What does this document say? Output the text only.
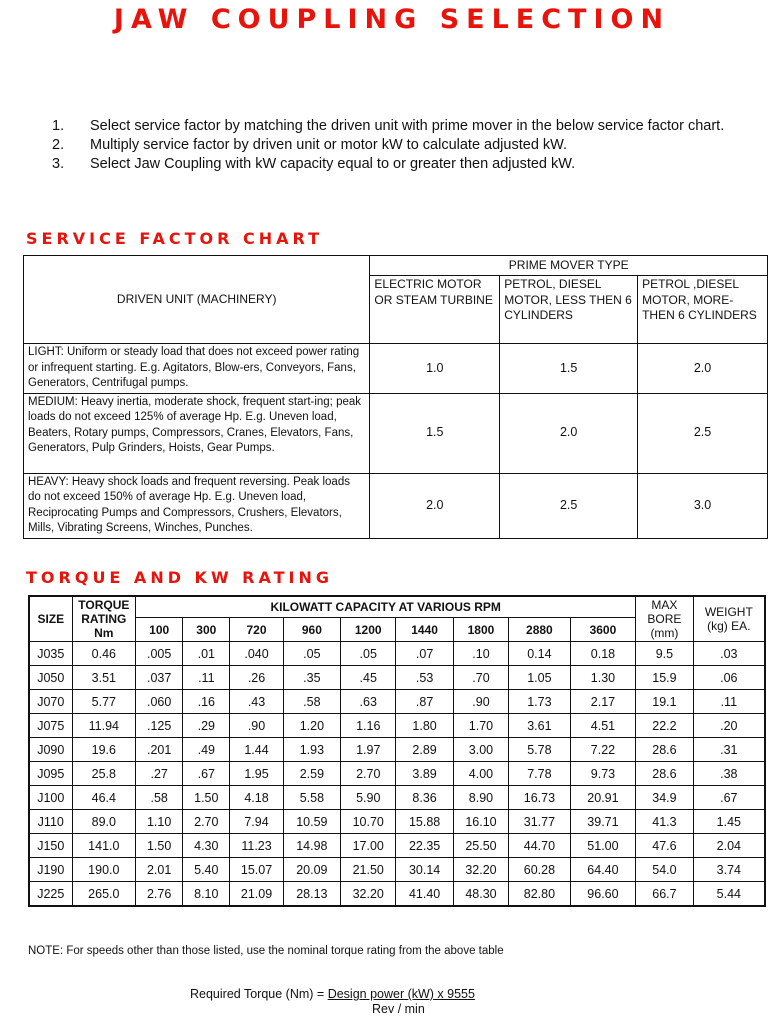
JAW COUPLING SELECTION
1. Select service factor by matching the driven unit with prime mover in the below service factor chart.
2. Multiply service factor by driven unit or motor kW to calculate adjusted kW.
3. Select Jaw Coupling with kW capacity equal to or greater then adjusted kW.
SERVICE FACTOR CHART
DRIVEN UNIT (MACHINERY)	PRIME MOVER TYPE		
	ELECTRIC MOTOR OR STEAM TURBINE	PETROL, DIESEL MOTOR, LESS THEN 6 CYLINDERS	PETROL ,DIESEL MOTOR, MORE-THEN 6 CYLINDERS
LIGHT: Uniform or steady load that does not exceed power rating or infrequent starting. E.g. Agitators, Blow-ers, Conveyors, Fans, Generators, Centrifugal pumps.	1.0	1.5	2.0
MEDIUM: Heavy inertia, moderate shock, frequent start-ing; peak loads do not exceed 125% of average Hp. E.g. Uneven load, Beaters, Rotary pumps, Compressors, Cranes, Elevators, Fans, Generators, Pulp Grinders, Hoists, Gear Pumps.	1.5	2.0	2.5
HEAVY: Heavy shock loads and frequent reversing. Peak loads do not exceed 150% of average Hp. E.g. Uneven load, Reciprocating Pumps and Compressors, Crushers, Elevators, Mills, Vibrating Screens, Winches, Punches.	2.0	2.5	3.0
TORQUE AND KW RATING
SIZE	TORQUE RATING Nm	KILOWATT CAPACITY AT VARIOUS RPM									MAX BORE (mm)	WEIGHT (kg) EA.
		100	300	720	960	1200	1440	1800	2880	3600		
J035	0.46	.005	.01	.040	.05	.05	.07	.10	0.14	0.18	9.5	.03
J050	3.51	.037	.11	.26	.35	.45	.53	.70	1.05	1.30	15.9	.06
J070	5.77	.060	.16	.43	.58	.63	.87	.90	1.73	2.17	19.1	.11
J075	11.94	.125	.29	.90	1.20	1.16	1.80	1.70	3.61	4.51	22.2	.20
J090	19.6	.201	.49	1.44	1.93	1.97	2.89	3.00	5.78	7.22	28.6	.31
J095	25.8	.27	.67	1.95	2.59	2.70	3.89	4.00	7.78	9.73	28.6	.38
J100	46.4	.58	1.50	4.18	5.58	5.90	8.36	8.90	16.73	20.91	34.9	.67
J110	89.0	1.10	2.70	7.94	10.59	10.70	15.88	16.10	31.77	39.71	41.3	1.45
J150	141.0	1.50	4.30	11.23	14.98	17.00	22.35	25.50	44.70	51.00	47.6	2.04
J190	190.0	2.01	5.40	15.07	20.09	21.50	30.14	32.20	60.28	64.40	54.0	3.74
J225	265.0	2.76	8.10	21.09	28.13	32.20	41.40	48.30	82.80	96.60	66.7	5.44

NOTE: For speeds other than those listed, use the nominal torque rating from the above table

Required Torque (Nm) = Design power (kW) x 9555
Rev / min
